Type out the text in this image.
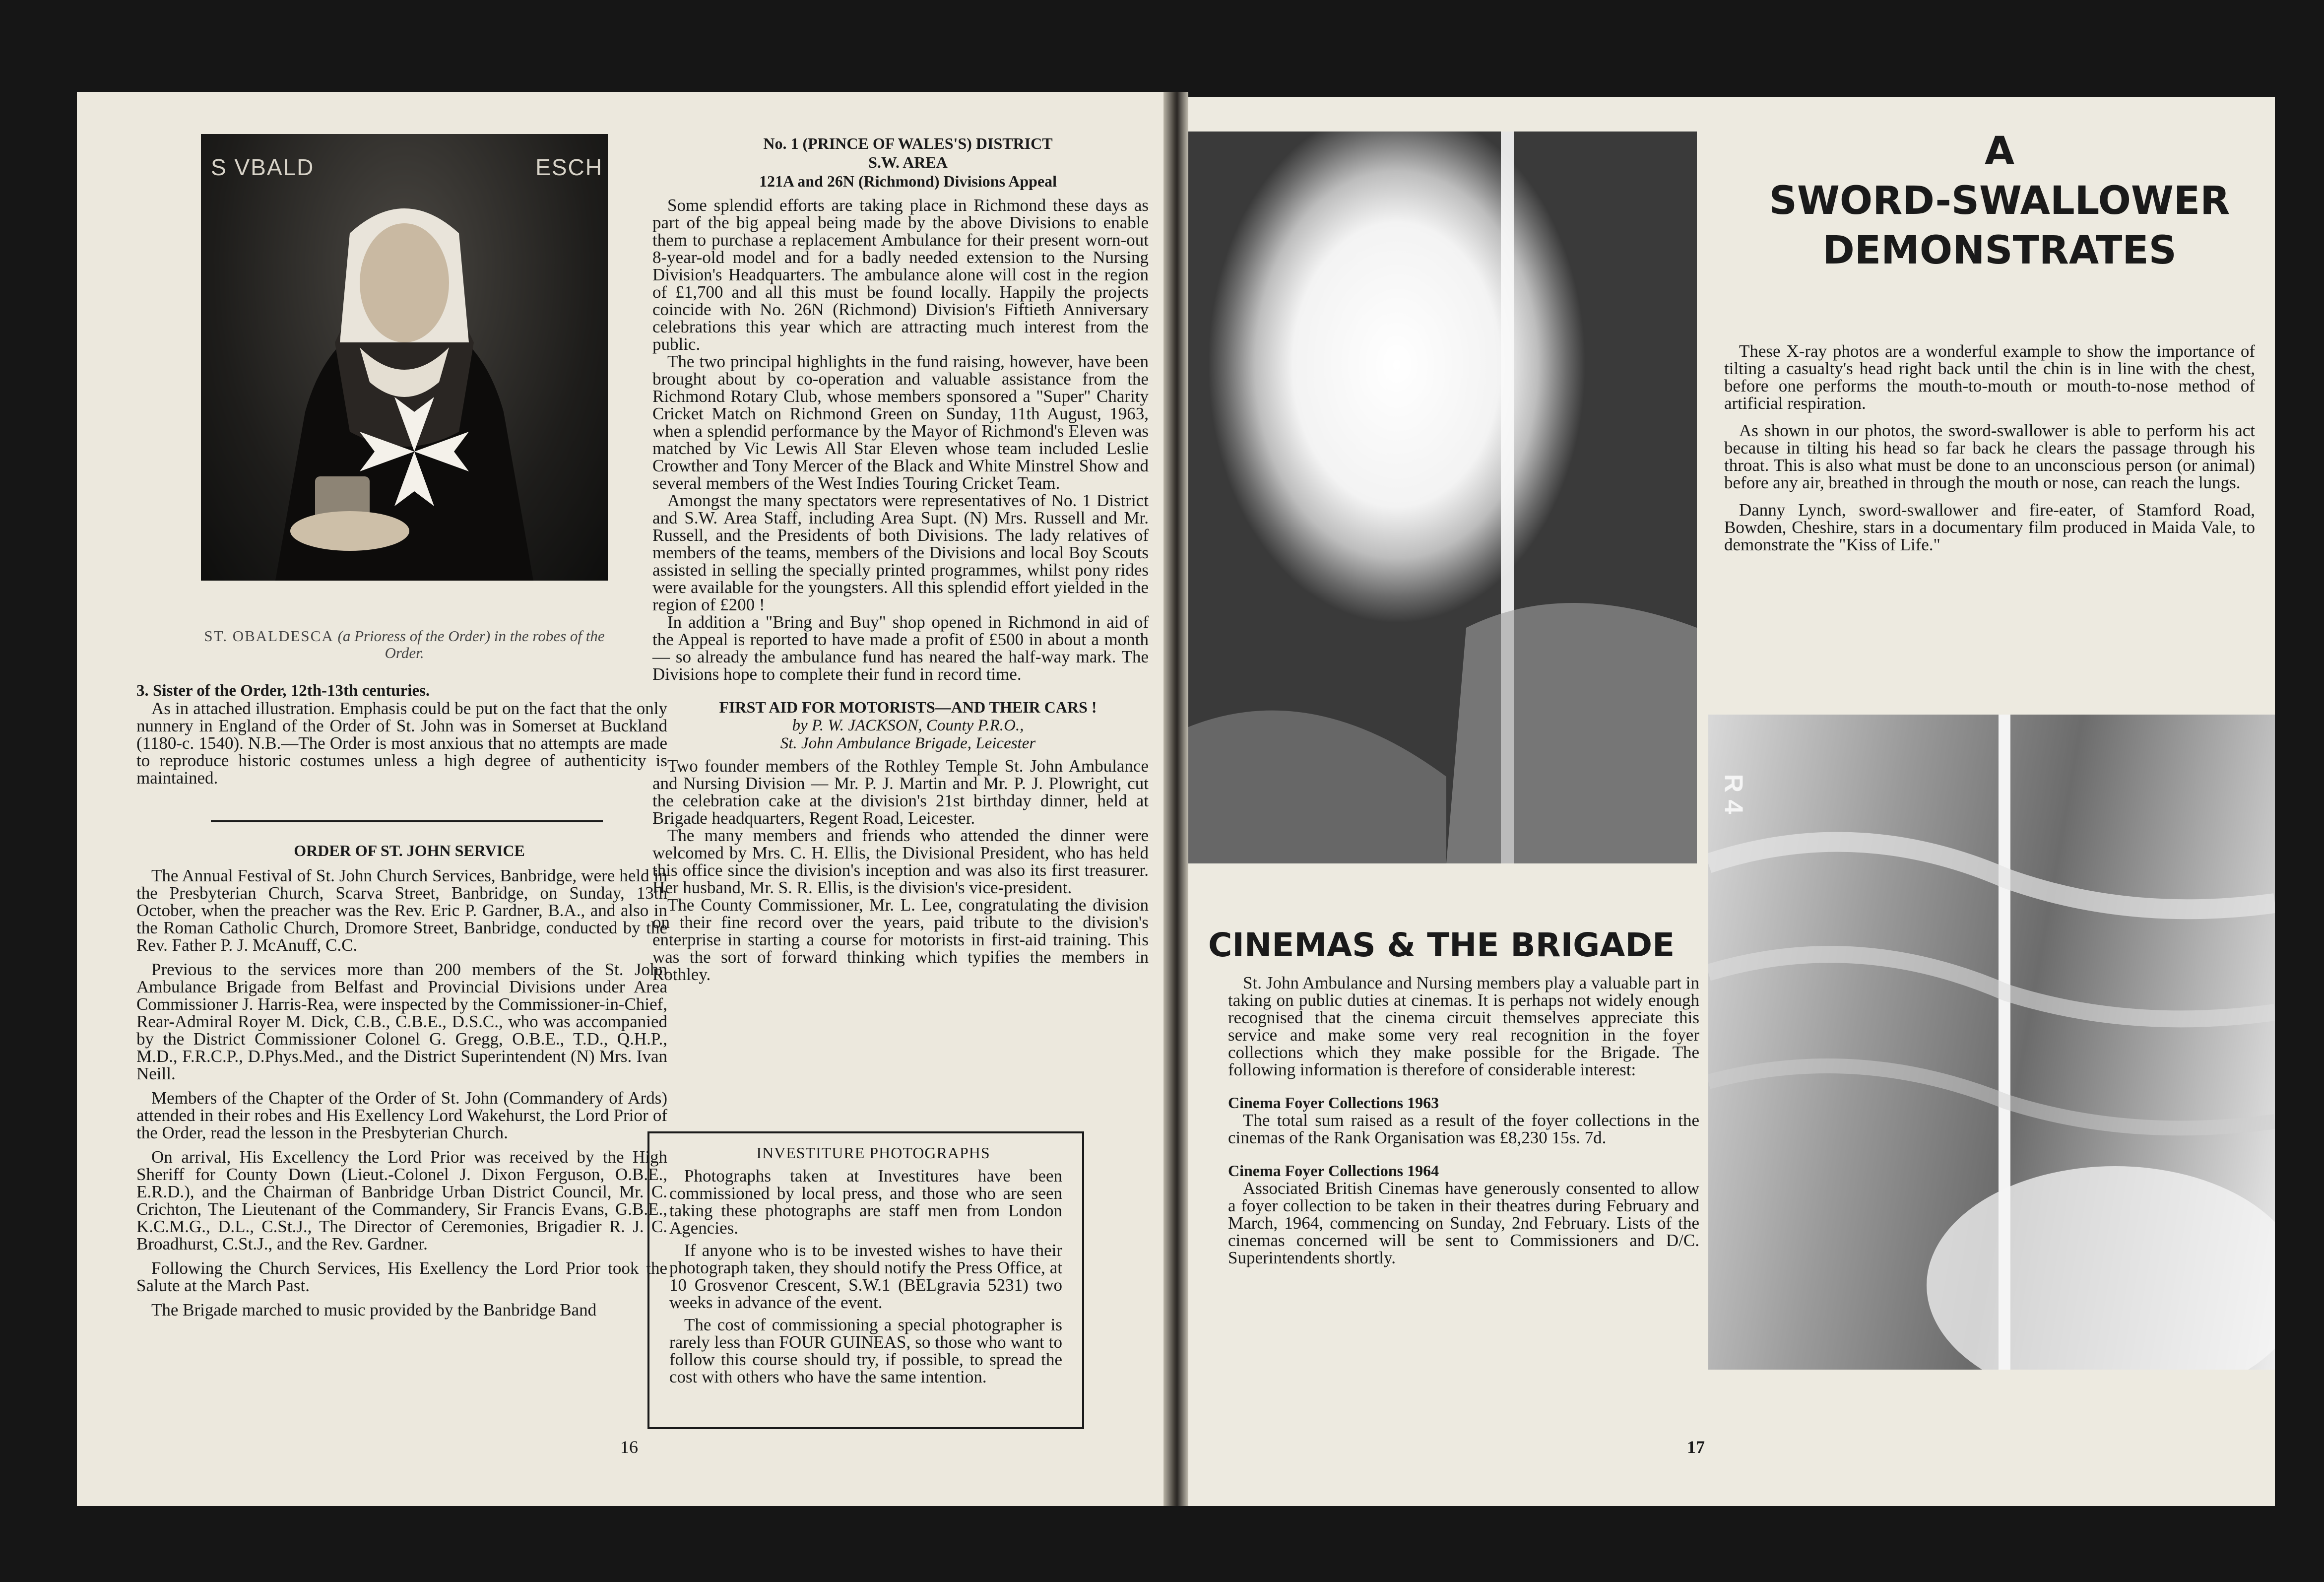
S VBALD	ESCH

ST. OBALDESCA (a Prioress of the Order) in the robes of the Order.

3. Sister of the Order, 12th-13th centuries.

As in attached illustration. Emphasis could be put on the fact that the only nunnery in England of the Order of St. John was in Somerset at Buckland (1180-c. 1540). N.B.—The Order is most anxious that no attempts are made to reproduce historic costumes unless a high degree of authenticity is maintained.

ORDER OF ST. JOHN SERVICE

The Annual Festival of St. John Church Services, Banbridge, were held in the Presbyterian Church, Scarva Street, Banbridge, on Sunday, 13th October, when the preacher was the Rev. Eric P. Gardner, B.A., and also in the Roman Catholic Church, Dromore Street, Banbridge, conducted by the Rev. Father P. J. McAnuff, C.C.

Previous to the services more than 200 members of the St. John Ambulance Brigade from Belfast and Provincial Divisions under Area Commissioner J. Harris-Rea, were inspected by the Commissioner-in-Chief, Rear-Admiral Royer M. Dick, C.B., C.B.E., D.S.C., who was accompanied by the District Commissioner Colonel G. Gregg, O.B.E., T.D., Q.H.P., M.D., F.R.C.P., D.Phys.Med., and the District Superintendent (N) Mrs. Ivan Neill.

Members of the Chapter of the Order of St. John (Commandery of Ards) attended in their robes and His Exellency Lord Wakehurst, the Lord Prior of the Order, read the lesson in the Presbyterian Church.

On arrival, His Excellency the Lord Prior was received by the High Sheriff for County Down (Lieut.-Colonel J. Dixon Ferguson, O.B.E., E.R.D.), and the Chairman of Banbridge Urban District Council, Mr. C. Crichton, The Lieutenant of the Commandery, Sir Francis Evans, G.B.E., K.C.M.G., D.L., C.St.J., The Director of Ceremonies, Brigadier R. J. C. Broadhurst, C.St.J., and the Rev. Gardner.

Following the Church Services, His Exellency the Lord Prior took the Salute at the March Past.

The Brigade marched to music provided by the Banbridge Band

No. 1 (PRINCE OF WALES'S) DISTRICT

S.W. AREA

121A and 26N (Richmond) Divisions Appeal

Some splendid efforts are taking place in Richmond these days as part of the big appeal being made by the above Divisions to enable them to purchase a replacement Ambulance for their present worn-out 8-year-old model and for a badly needed extension to the Nursing Division's Headquarters. The ambulance alone will cost in the region of £1,700 and all this must be found locally. Happily the projects coincide with No. 26N (Richmond) Division's Fiftieth Anniversary celebrations this year which are attracting much interest from the public.

The two principal highlights in the fund raising, however, have been brought about by co-operation and valuable assistance from the Richmond Rotary Club, whose members sponsored a "Super" Charity Cricket Match on Richmond Green on Sunday, 11th August, 1963, when a splendid performance by the Mayor of Richmond's Eleven was matched by Vic Lewis All Star Eleven whose team included Leslie Crowther and Tony Mercer of the Black and White Minstrel Show and several members of the West Indies Touring Cricket Team.

Amongst the many spectators were representatives of No. 1 District and S.W. Area Staff, including Area Supt. (N) Mrs. Russell and Mr. Russell, and the Presidents of both Divisions. The lady relatives of members of the teams, members of the Divisions and local Boy Scouts assisted in selling the specially printed programmes, whilst pony rides were available for the youngsters. All this splendid effort yielded in the region of £200 !

In addition a "Bring and Buy" shop opened in Richmond in aid of the Appeal is reported to have made a profit of £500 in about a month — so already the ambulance fund has neared the half-way mark. The Divisions hope to complete their fund in record time.

FIRST AID FOR MOTORISTS—AND THEIR CARS !

by P. W. JACKSON, County P.R.O.,

St. John Ambulance Brigade, Leicester

Two founder members of the Rothley Temple St. John Ambulance and Nursing Division — Mr. P. J. Martin and Mr. P. J. Plowright, cut the celebration cake at the division's 21st birthday dinner, held at Brigade headquarters, Regent Road, Leicester.

The many members and friends who attended the dinner were welcomed by Mrs. C. H. Ellis, the Divisional President, who has held this office since the division's inception and was also its first treasurer. Her husband, Mr. S. R. Ellis, is the division's vice-president.

The County Commissioner, Mr. L. Lee, congratulating the division on their fine record over the years, paid tribute to the division's enterprise in starting a course for motorists in first-aid training. This was the sort of forward thinking which typifies the members in Rothley.

INVESTITURE PHOTOGRAPHS

Photographs taken at Investitures have been commissioned by local press, and those who are seen taking these photographs are staff men from London Agencies.

If anyone who is to be invested wishes to have their photograph taken, they should notify the Press Office, at 10 Grosvenor Crescent, S.W.1 (BELgravia 5231) two weeks in advance of the event.

The cost of commissioning a special photographer is rarely less than FOUR GUINEAS, so those who want to follow this course should try, if possible, to spread the cost with others who have the same intention.

16

A

SWORD-SWALLOWER

DEMONSTRATES

These X-ray photos are a wonderful example to show the importance of tilting a casualty's head right back until the chin is in line with the chest, before one performs the mouth-to-mouth or mouth-to-nose method of artificial respiration.

As shown in our photos, the sword-swallower is able to perform his act because in tilting his head so far back he clears the passage through his throat. This is also what must be done to an unconscious person (or animal) before any air, breathed in through the mouth or nose, can reach the lungs.

Danny Lynch, sword-swallower and fire-eater, of Stamford Road, Bowden, Cheshire, stars in a documentary film produced in Maida Vale, to demonstrate the "Kiss of Life."

R 4

CINEMAS & THE BRIGADE

St. John Ambulance and Nursing members play a valuable part in taking on public duties at cinemas. It is perhaps not widely enough recognised that the cinema circuit themselves appreciate this service and make some very real recognition in the foyer collections which they make possible for the Brigade. The following information is therefore of considerable interest:

Cinema Foyer Collections 1963

The total sum raised as a result of the foyer collections in the cinemas of the Rank Organisation was £8,230 15s. 7d.

Cinema Foyer Collections 1964

Associated British Cinemas have generously consented to allow a foyer collection to be taken in their theatres during February and March, 1964, commencing on Sunday, 2nd February. Lists of the cinemas concerned will be sent to Commissioners and D/C. Superintendents shortly.

17
